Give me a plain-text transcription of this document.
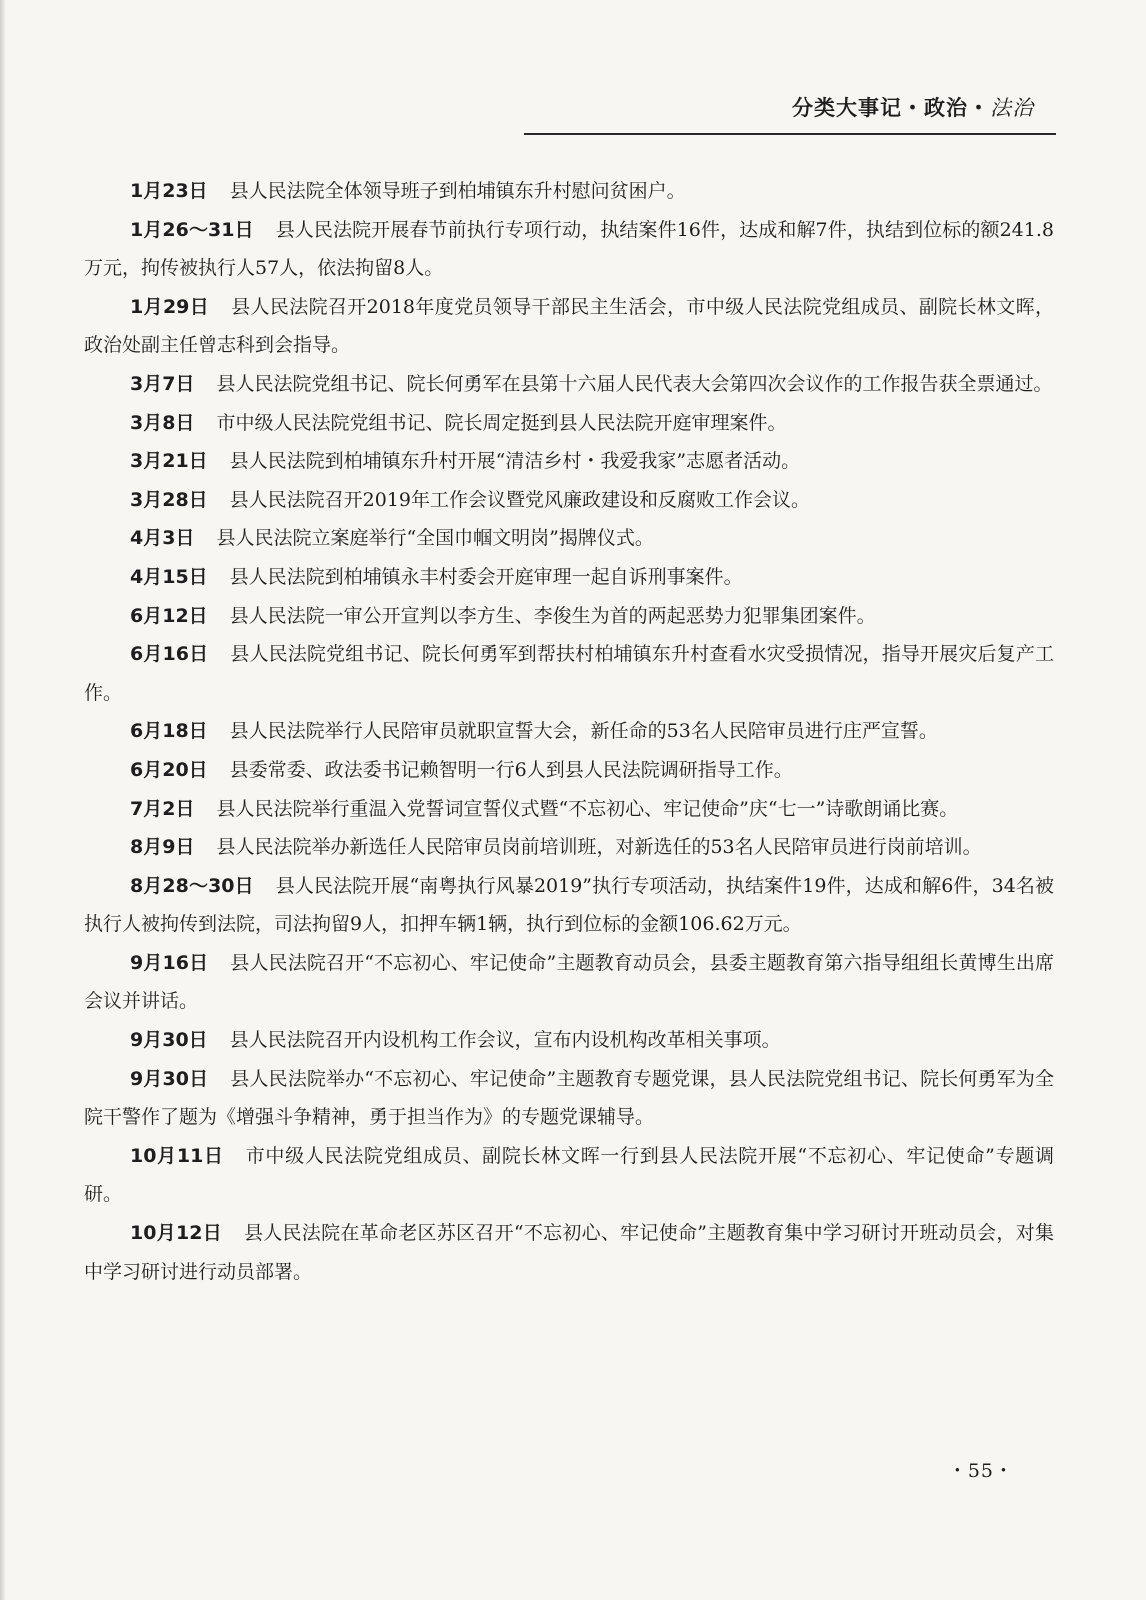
分类大事记・政治・法治

1月23日 县人民法院全体领导班子到柏埔镇东升村慰问贫困户。

1月26～31日 县人民法院开展春节前执行专项行动，执结案件16件，达成和解7件，执结到位标的额241.8万元，拘传被执行人57人，依法拘留8人。

1月29日 县人民法院召开2018年度党员领导干部民主生活会，市中级人民法院党组成员、副院长林文晖，政治处副主任曾志科到会指导。

3月7日 县人民法院党组书记、院长何勇军在县第十六届人民代表大会第四次会议作的工作报告获全票通过。

3月8日 市中级人民法院党组书记、院长周定挺到县人民法院开庭审理案件。

3月21日 县人民法院到柏埔镇东升村开展“清洁乡村・我爱我家”志愿者活动。

3月28日 县人民法院召开2019年工作会议暨党风廉政建设和反腐败工作会议。

4月3日 县人民法院立案庭举行“全国巾帼文明岗”揭牌仪式。

4月15日 县人民法院到柏埔镇永丰村委会开庭审理一起自诉刑事案件。

6月12日 县人民法院一审公开宣判以李方生、李俊生为首的两起恶势力犯罪集团案件。

6月16日 县人民法院党组书记、院长何勇军到帮扶村柏埔镇东升村查看水灾受损情况，指导开展灾后复产工作。

6月18日 县人民法院举行人民陪审员就职宣誓大会，新任命的53名人民陪审员进行庄严宣誓。

6月20日 县委常委、政法委书记赖智明一行6人到县人民法院调研指导工作。

7月2日 县人民法院举行重温入党誓词宣誓仪式暨“不忘初心、牢记使命”庆“七一”诗歌朗诵比赛。

8月9日 县人民法院举办新选任人民陪审员岗前培训班，对新选任的53名人民陪审员进行岗前培训。

8月28～30日 县人民法院开展“南粤执行风暴2019”执行专项活动，执结案件19件，达成和解6件，34名被执行人被拘传到法院，司法拘留9人，扣押车辆1辆，执行到位标的金额106.62万元。

9月16日 县人民法院召开“不忘初心、牢记使命”主题教育动员会，县委主题教育第六指导组组长黄博生出席会议并讲话。

9月30日 县人民法院召开内设机构工作会议，宣布内设机构改革相关事项。

9月30日 县人民法院举办“不忘初心、牢记使命”主题教育专题党课，县人民法院党组书记、院长何勇军为全院干警作了题为《增强斗争精神，勇于担当作为》的专题党课辅导。

10月11日 市中级人民法院党组成员、副院长林文晖一行到县人民法院开展“不忘初心、牢记使命”专题调研。

10月12日 县人民法院在革命老区苏区召开“不忘初心、牢记使命”主题教育集中学习研讨开班动员会，对集中学习研讨进行动员部署。

・55・
